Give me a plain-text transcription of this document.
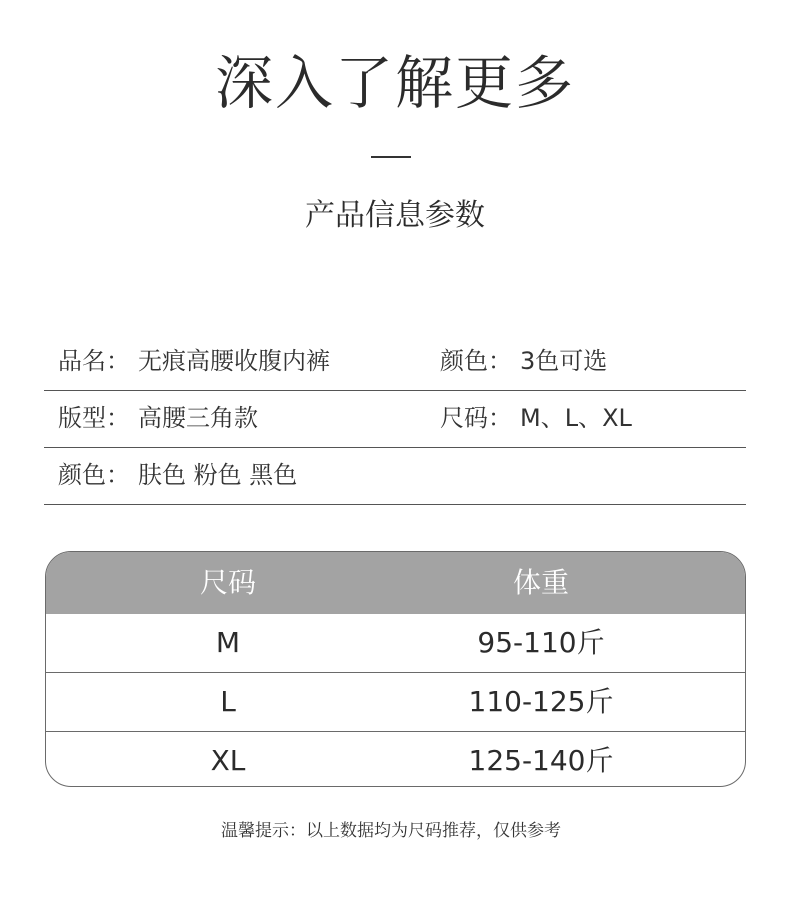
深入了解更多
产品信息参数
品名： 无痕高腰收腹内裤	颜色： 3色可选
版型： 高腰三角款	尺码： M、L、XL
颜色： 肤色 粉色 黑色
尺码	体重
M	95-110斤
L	110-125斤
XL	125-140斤
温馨提示：以上数据均为尺码推荐，仅供参考
